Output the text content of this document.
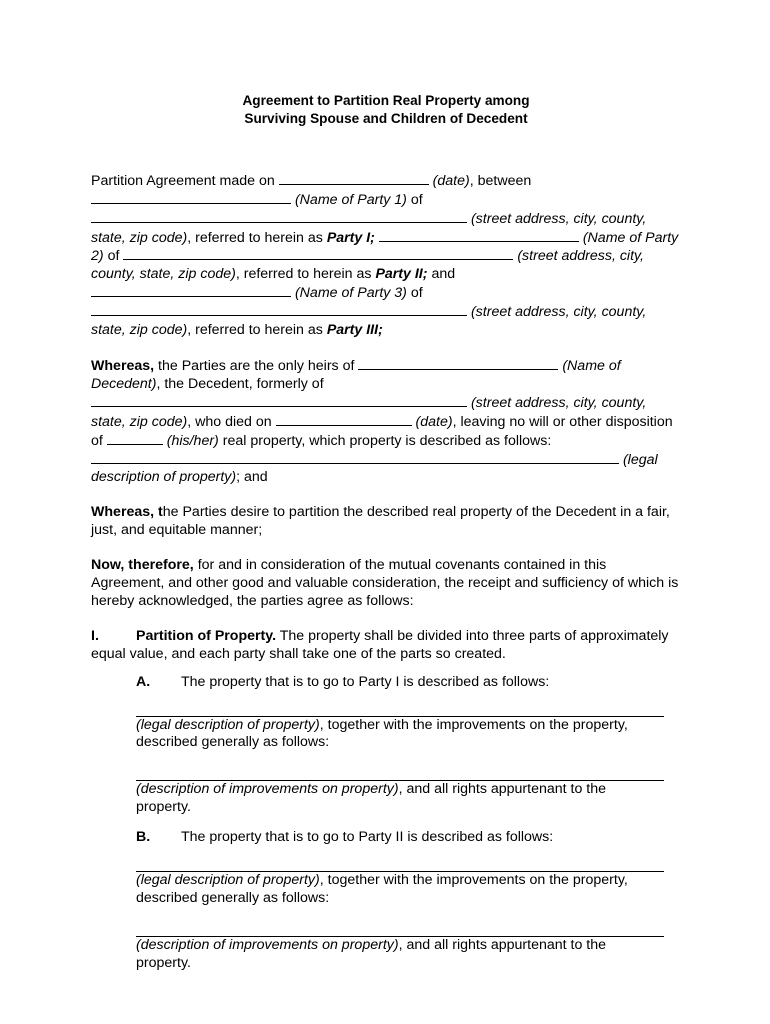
Agreement to Partition Real Property among
Surviving Spouse and Children of Decedent

Partition Agreement made on	(date), between
(Name of Party 1) of
(street address, city, county, state, zip code), referred to herein as Party I;	(Name of Party 2) of	(street address, city, county, state, zip code), referred to herein as Party II; and
(Name of Party 3) of
(street address, city, county, state, zip code), referred to herein as Party III;

Whereas, the Parties are the only heirs of	(Name of Decedent), the Decedent, formerly of
(street address, city, county, state, zip code), who died on	(date), leaving no will or other disposition of	(his/her) real property, which property is described as follows:
(legal description of property); and

Whereas, the Parties desire to partition the described real property of the Decedent in a fair, just, and equitable manner;

Now, therefore, for and in consideration of the mutual covenants contained in this Agreement, and other good and valuable consideration, the receipt and sufficiency of which is hereby acknowledged, the parties agree as follows:

I.	Partition of Property. The property shall be divided into three parts of approximately equal value, and each party shall take one of the parts so created.

A. The property that is to go to Party I is described as follows:

(legal description of property), together with the improvements on the property, described generally as follows:

(description of improvements on property), and all rights appurtenant to the property.

B. The property that is to go to Party II is described as follows:

(legal description of property), together with the improvements on the property, described generally as follows:

(description of improvements on property), and all rights appurtenant to the property.
